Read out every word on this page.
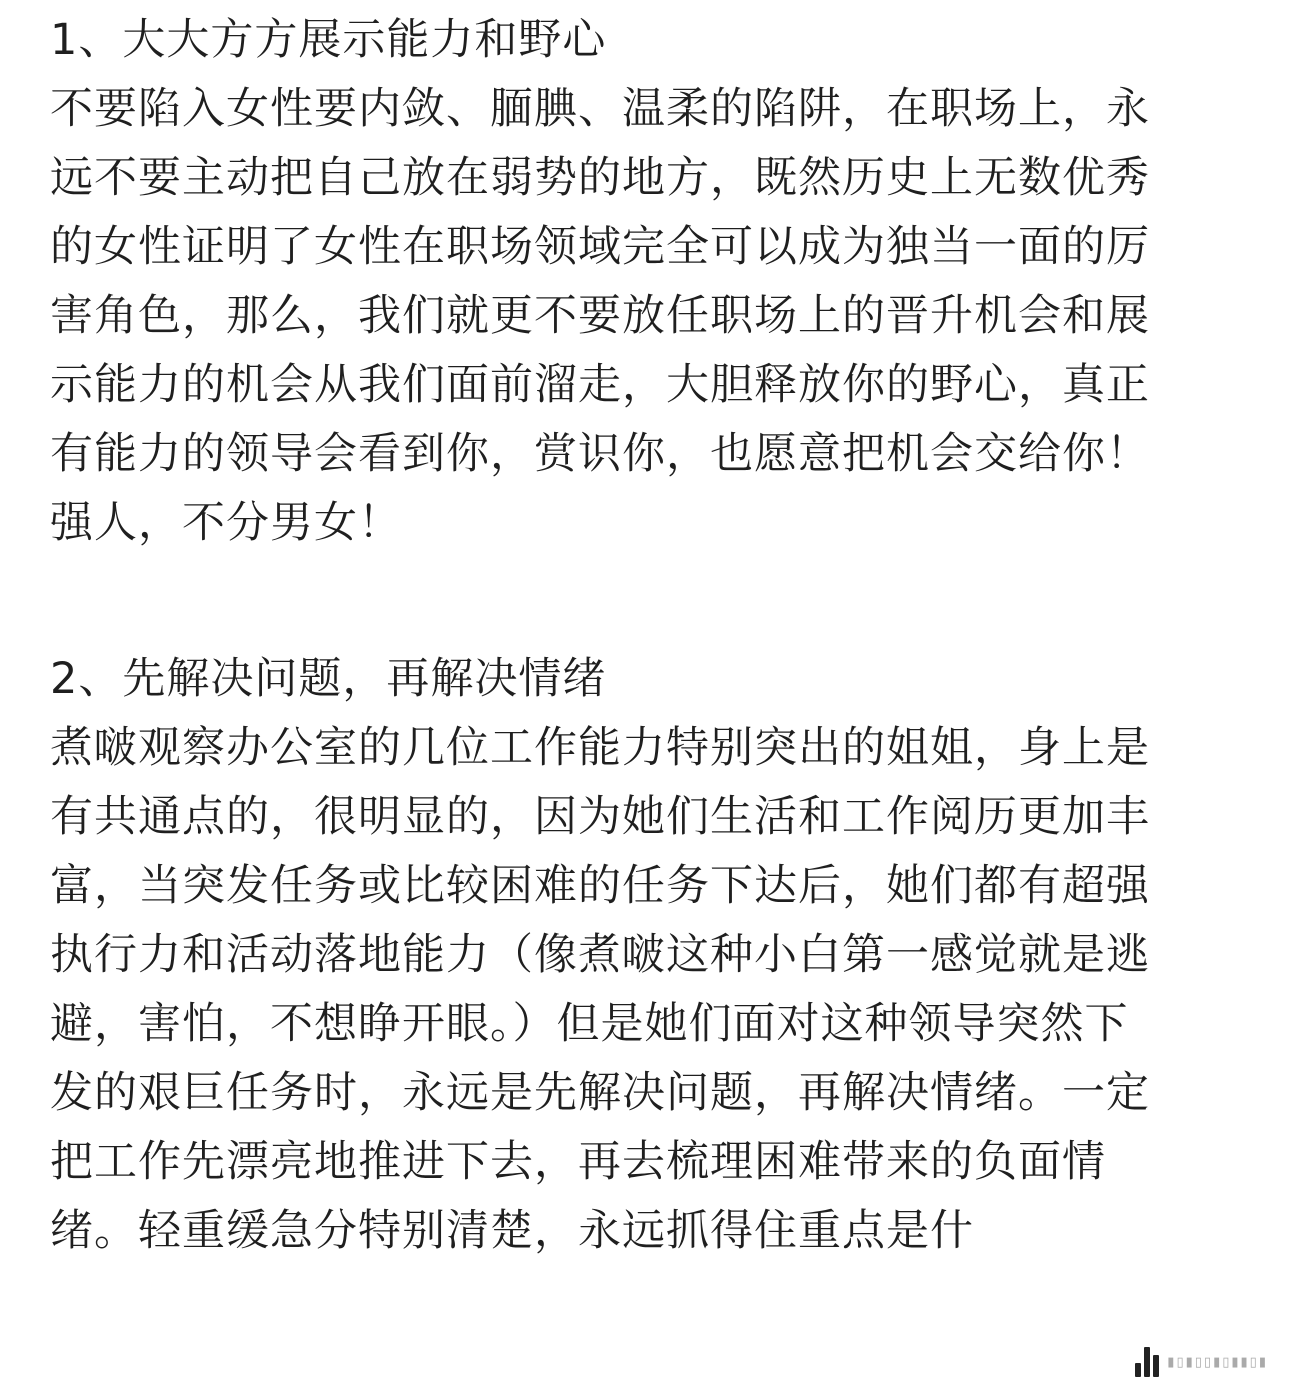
1、大大方方展示能力和野心
不要陷入女性要内敛、腼腆、温柔的陷阱，在职场上，永
远不要主动把自己放在弱势的地方，既然历史上无数优秀
的女性证明了女性在职场领域完全可以成为独当一面的厉
害角色，那么，我们就更不要放任职场上的晋升机会和展
示能力的机会从我们面前溜走，大胆释放你的野心，真正
有能力的领导会看到你，赏识你，也愿意把机会交给你！
强人，不分男女！
2、先解决问题，再解决情绪
煮啵观察办公室的几位工作能力特别突出的姐姐，身上是
有共通点的，很明显的，因为她们生活和工作阅历更加丰
富，当突发任务或比较困难的任务下达后，她们都有超强
执行力和活动落地能力（像煮啵这种小白第一感觉就是逃
避，害怕，不想睁开眼。）但是她们面对这种领导突然下
发的艰巨任务时，永远是先解决问题，再解决情绪。一定
把工作先漂亮地推进下去，再去梳理困难带来的负面情
绪。轻重缓急分特别清楚，永远抓得住重点是什
▮▯▮▯▯▮▯▮▮▯▮
